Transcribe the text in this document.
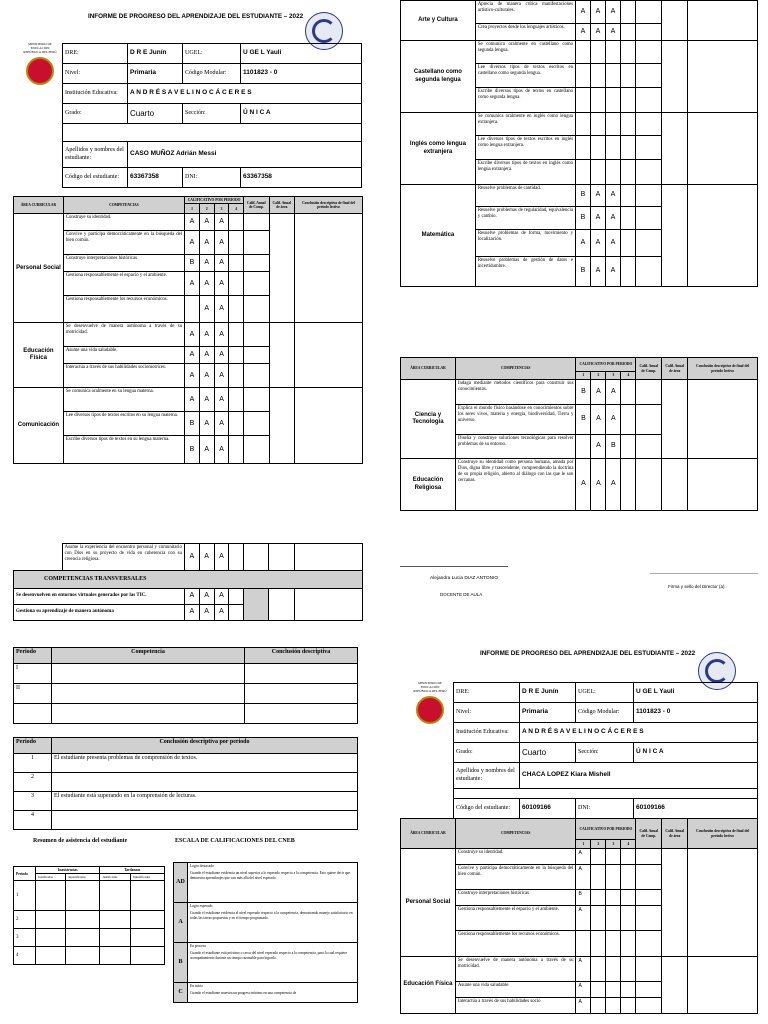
INFORME DE PROGRESO DEL APRENDIZAJE DEL ESTUDIANTE – 2022
MINISTERIO DE EDUCACIÓN
REPÚBLICA DEL PERÚ DRE:	D R E Junín	UGEL:	U GE L Yauli
Nivel:	Primaria	Código Modular:	1101823 - 0
Institución Educativa:	A N D R É S A V E L I N O C Á C E R E S		
Grado:	Cuarto	Sección:	Ú N I C A

Apellidos y nombres del estudiante:	CASO MUÑOZ Adrián Messi		
Código del estudiante:	63367358	DNI:	63367358
ÁREA CURRICULAR	COMPETENCIAS	CALIFICATIVO POR PERIODO				Calif. Anual de Comp.	Calif. Anual de área	Conclusión descriptiva de final del período lectivo
		1	2	3	4			
Personal Social	Construye su identidad.	A	A	A				
	Convive y participa democráticamente en la búsqueda del bien común.	A	A	A				
	Construye interpretaciones históricas	B	A	A				
	Gestiona responsablemente el espacio y el ambiente.	A	A	A				
	Gestiona responsablemente los recursos económicos.		A	A				
Educación Física	Se desenvuelve de manera autónoma a través de su motricidad.	A	A	A				
	Asume una vida saludable.	A	A	A				
	Interactúa a través de sus habilidades sociomotrices.	A	A	A				
Comunicación	Se comunica oralmente en su lengua materna.	A	A	A				
	Lee diversos tipos de textos escritos en su lengua materna.	B	A	A				
	Escribe diversos tipos de textos en su lengua materna.	B	A	A				
	Asume la experiencia del encuentro personal y comunitario con Dios en su proyecto de vida en coherencia con su creencia religiosa.	A	A	A				
COMPETENCIAS TRANSVERSALES								
Se desenvuelven en entornos virtuales generados por las TIC.		A	A	A				
Gestiona su aprendizaje de manera autónoma		A	A	A				
Periodo	Competencia	Conclusión descriptiva
I		
II		

Periodo	Conclusión descriptiva por periodo
1	El estudiante presenta problemas de comprensión de textos.
2	
3	El estudiante está superando en la comprensión de lecturas.
4	
Resumen de asistencia del estudiante	ESCALA DE CALIFICACIONES DEL CNEB
Periodo	Inasistencias		Tardanzas	
	Justificadas	Injustificadas	Justificadas	Injustificadas
1				
2				
3				
4				
AD	Logro destacado
Cuando el estudiante evidencia un nivel superior a lo esperado respecto a la competencia. Esto quiere decir que demuestra aprendizajes que van más allá del nivel esperado.

A	Logro esperado
Cuando el estudiante evidencia el nivel esperado respecto a la competencia, demostrando manejo satisfactorio en todas las tareas propuestas y en el tiempo programado.

B	En proceso
Cuando el estudiante está próximo o cerca del nivel esperado respecto a la competencia, para lo cual requiere acompañamiento durante un tiempo razonable para lograrlo.

C	En inicio
Cuando el estudiante muestra un progreso mínimo en una competencia de
Arte y Cultura	Aprecia de manera crítica manifestaciones artístico-culturales.	A	A	A				
	Crea proyectos desde los lenguajes artísticos.	A	A	A				
Castellano como segunda lengua	Se comunica oralmente en castellano como segunda lengua.							
	Lee diversos tipos de textos escritos en castellano como segunda lengua.							
	Escribe diversos tipos de textos en castellano como segunda lengua.							
Inglés como lengua extranjera	Se comunica oralmente en inglés como lengua extranjera.							
	Lee diversos tipos de textos escritos en inglés como lengua extranjera.							
	Escribe diversos tipos de textos en inglés como lengua extranjera.							
Matemática	Resuelve problemas de cantidad.	B	A	A				
	Resuelve problemas de regularidad, equivalencia y cambio.	B	A	A				
	Resuelve problemas de forma, movimiento y localización.	A	A	A				
	Resuelve problemas de gestión de datos e incertidumbre.	B	A	A				
ÁREA CURRICULAR	COMPETENCIAS	CALIFICATIVO POR PERIODO				Calif. Anual de Comp.	Calif. Anual de área	Conclusión descriptiva de final del período lectivo
		1	2	3	4			
Ciencia y Tecnología	Indaga mediante métodos científicos para construir sus conocimientos.	B	A	A				
	Explica el mundo físico basándose en conocimientos sobre los seres vivos, materia y energía, biodiversidad, Tierra y universo.	B	A	A				
	Diseña y construye soluciones tecnológicas para resolver problemas de su entorno.		A	B				
Educación Religiosa	Construye su identidad como persona humana, amada por Dios, digna libre y trascendente, comprendiendo la doctrina de su propia religión, abierto al diálogo con las que le son cercanas.	A	A	A				
Alejandra Lucia DIAZ ANTONIO
DOCENTE DE AULA
Firma y sello del Director (a)
INFORME DE PROGRESO DEL APRENDIZAJE DEL ESTUDIANTE – 2022
MINISTERIO DE EDUCACIÓN
REPÚBLICA DEL PERÚ DRE:	D R E Junín	UGEL:	U GE L Yauli
Nivel:	Primaria	Código Modular:	1101823 - 0
Institución Educativa:	A N D R É S A V E L I N O C Á C E R E S		
Grado:	Cuarto	Sección:	Ú N I C A
Apellidos y nombres del estudiante:	CHACA LOPEZ Kiara Mishell		

Código del estudiante:	60109166	DNI:	60109166
ÁREA CURRICULAR	COMPETENCIAS	CALIFICATIVO POR PERIODO				Calif. Anual de Comp.	Calif. Anual de área	Conclusión descriptiva de final del período lectivo
		1	2	3	4			
Personal Social	Construye su identidad.	A						
	Convive y participa democráticamente en la búsqueda del bien común.	A						
	Construye interpretaciones históricas	B						
	Gestiona responsablemente el espacio y el ambiente.	A						
	Gestiona responsablemente los recursos económicos.							
Educación Física	Se desenvuelve de manera autónoma a través de su motricidad.	A						
	Asume una vida saludable.	A						
	Interactúa a través de sus habilidades socio	A						
